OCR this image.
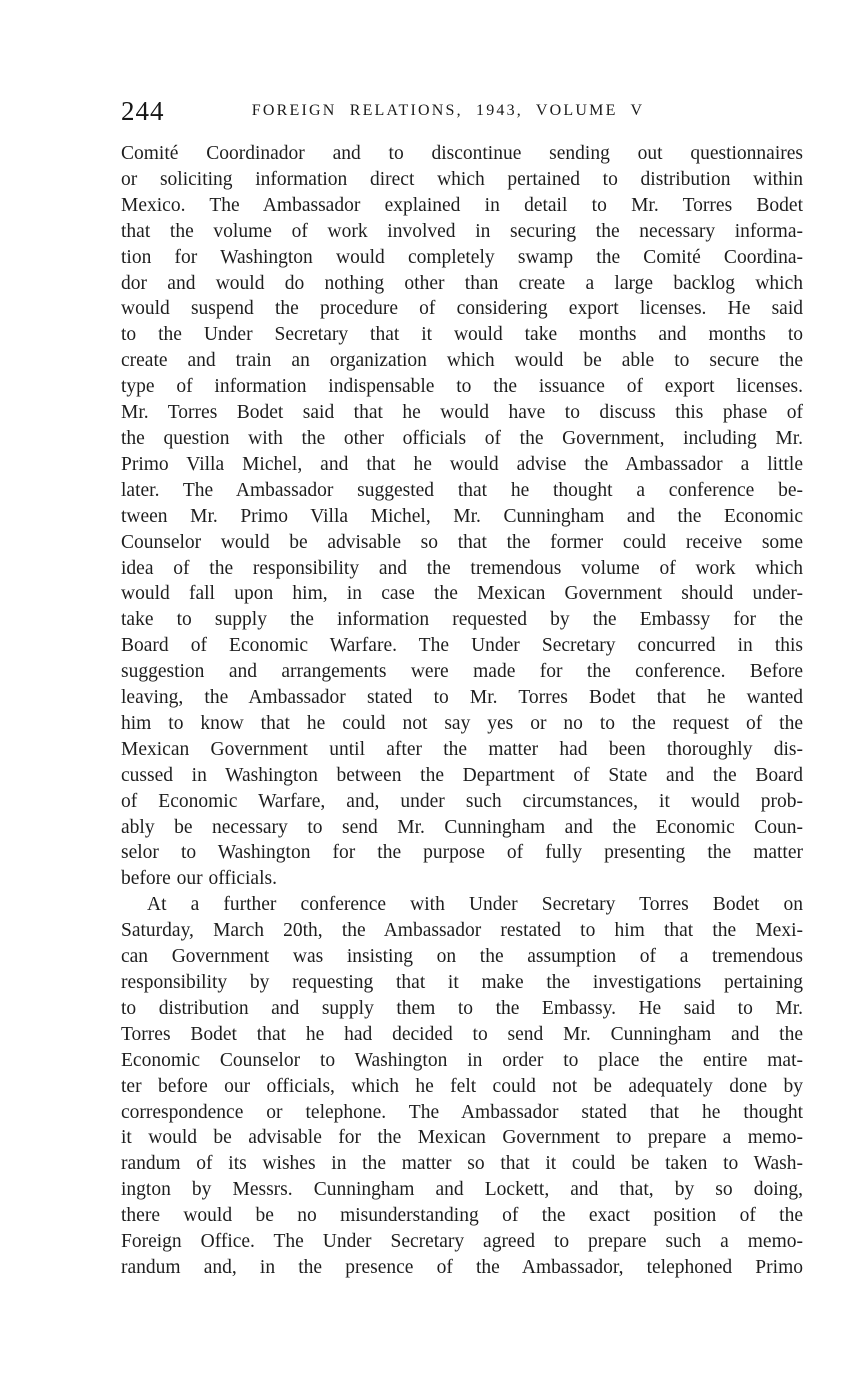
244	FOREIGN RELATIONS, 1943, VOLUME V

Comité Coordinador and to discontinue sending out questionnaires
or soliciting information direct which pertained to distribution within
Mexico. The Ambassador explained in detail to Mr. Torres Bodet
that the volume of work involved in securing the necessary informa-
tion for Washington would completely swamp the Comité Coordina-
dor and would do nothing other than create a large backlog which
would suspend the procedure of considering export licenses. He said
to the Under Secretary that it would take months and months to
create and train an organization which would be able to secure the
type of information indispensable to the issuance of export licenses.
Mr. Torres Bodet said that he would have to discuss this phase of
the question with the other officials of the Government, including Mr.
Primo Villa Michel, and that he would advise the Ambassador a little
later. The Ambassador suggested that he thought a conference be-
tween Mr. Primo Villa Michel, Mr. Cunningham and the Economic
Counselor would be advisable so that the former could receive some
idea of the responsibility and the tremendous volume of work which
would fall upon him, in case the Mexican Government should under-
take to supply the information requested by the Embassy for the
Board of Economic Warfare. The Under Secretary concurred in this
suggestion and arrangements were made for the conference. Before
leaving, the Ambassador stated to Mr. Torres Bodet that he wanted
him to know that he could not say yes or no to the request of the
Mexican Government until after the matter had been thoroughly dis-
cussed in Washington between the Department of State and the Board
of Economic Warfare, and, under such circumstances, it would prob-
ably be necessary to send Mr. Cunningham and the Economic Coun-
selor to Washington for the purpose of fully presenting the matter
before our officials.

At a further conference with Under Secretary Torres Bodet on
Saturday, March 20th, the Ambassador restated to him that the Mexi-
can Government was insisting on the assumption of a tremendous
responsibility by requesting that it make the investigations pertaining
to distribution and supply them to the Embassy. He said to Mr.
Torres Bodet that he had decided to send Mr. Cunningham and the
Economic Counselor to Washington in order to place the entire mat-
ter before our officials, which he felt could not be adequately done by
correspondence or telephone. The Ambassador stated that he thought
it would be advisable for the Mexican Government to prepare a memo-
randum of its wishes in the matter so that it could be taken to Wash-
ington by Messrs. Cunningham and Lockett, and that, by so doing,
there would be no misunderstanding of the exact position of the
Foreign Office. The Under Secretary agreed to prepare such a memo-
randum and, in the presence of the Ambassador, telephoned Primo
